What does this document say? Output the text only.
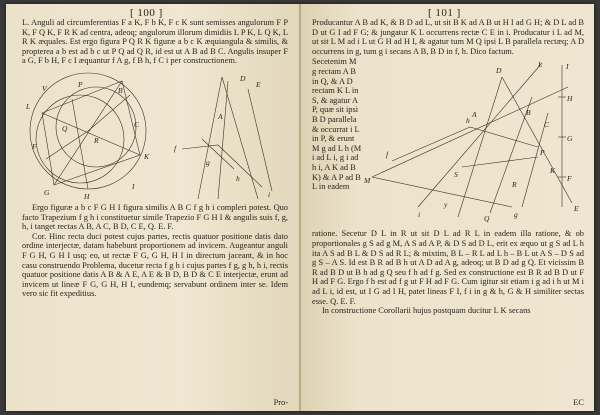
[ 100 ]

L. Anguli ad circumferentias F a K, F b K, F c K sunt semisses angulorum F P K, F Q K, F R K ad centra, adeoq; angulorum illorum dimidiis L P K, L Q K, L R K æquales. Est ergo figura P Q R K figuræ a b c K æquiangula & similis, & propterea a b est ad b c ut P Q ad Q R, id est ut A B ad B C. Angulis insuper F a G, F b H, F c I æquantur f A g, f B h, f C i per constructionem.

V
L
F
K
G	H
I
B
C
P
Q
R
D
E
A
f
g
h
i

Ergo figuræ a b c F G H I figura similis A B C f g h i compleri potest. Quo facto Trapezium f g h i constituetur simile Trapezio F G H I & angulis suis f, g, h, i tanget rectas A B, A C, B D, C E, Q. E. F.

Cor. Hinc recta duci potest cujus partes, rectis quatuor positione datis dato ordine interjectæ, datam habebunt proportionem ad invicem. Augeantur anguli F G H, G H I usq; eo, ut rectæ F G, G H, H I in directum jaceant, & in hoc casu construendo Problema, ducetur recta f g h i cujus partes f g, g h, h i, rectis quatuor positione datis A B & A E, A E & B D, B D & C E interjectæ, erunt ad invicem ut lineæ F G, G H, H I, eundemq; servabunt ordinem inter se. Idem vero sic fit expeditius.

Pro-
[ 101 ]

Producantur A B ad K, & B D ad L, ut sit B K ad A B ut H I ad G H; & D L ad B D ut G I ad F G; & jungatur K L occurrens rectæ C E in i. Producatur i L ad M, ut sit L M ad i L ut G H ad H I, & agatur tum M Q ipsi L B parallela rectæq; A D occurrens in g, tum g i secans A B, B D in f, h. Dico factum.

Secetenim M g rectam A B in Q, & A D rectam K L in S, & agatur A P, quæ sit ipsi B D parallela & occurrat i L in P, & erunt M g ad L h (M i ad L i, g i ad h i, A K ad B K) & A P ad B L in eadem
D
L
A	B
C
K
M
f
h
g
S
P
Q
R
i
E
I
H
G
F
y

ratione. Secetur D L in R ut sit D L ad R L in eadem illa ratione, & ob proportionales g S ad g M, A S ad A P, & D S ad D L, erit ex æquo ut g S ad L h ita A S ad B L & D S ad R L; & mixtim, B L – R L ad L h – B L ut A S – D S ad g S – A S. Id est B R ad B h ut A D ad A g, adeoq; ut B D ad g Q. Et vicissim B R ad B D ut B h ad g Q seu f h ad f g. Sed ex constructione est B R ad B D ut F H ad F G. Ergo f h est ad f g ut F H ad F G. Cum igitur sit etiam i g ad i h ut M i ad L i, id est, ut I G ad I H, patet lineas F I, f i in g & h, G & H similiter sectas esse. Q. E. F.

In constructione Corollarii hujus postquam ducitur L K secans

EC
